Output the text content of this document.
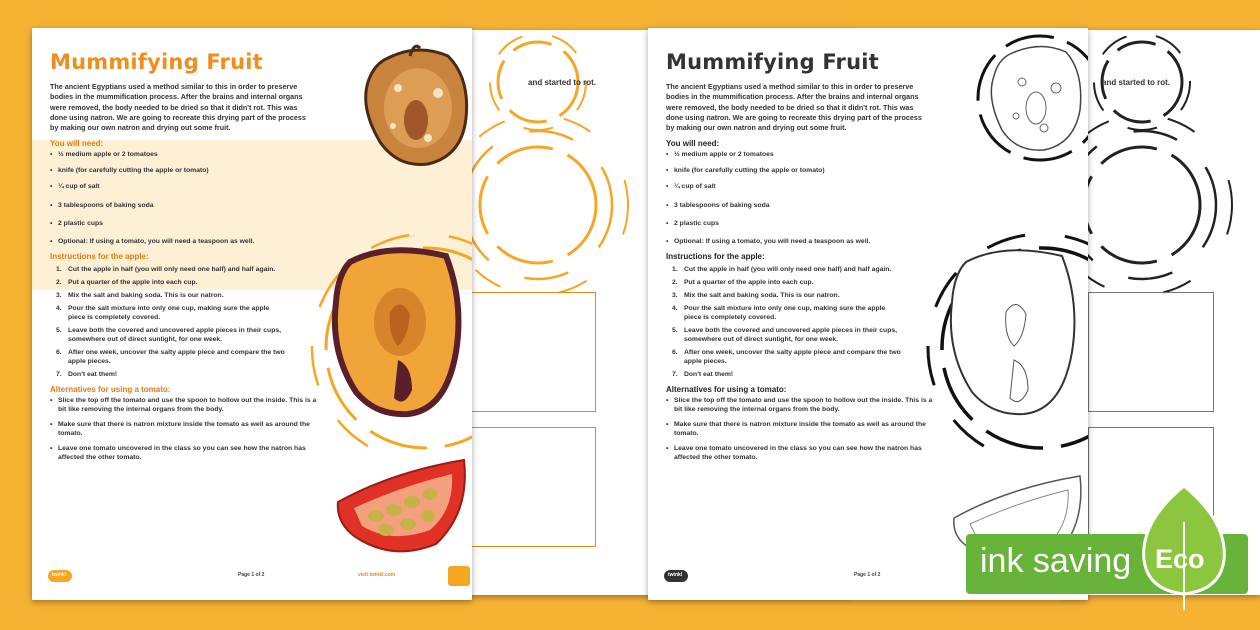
and started to rot.
Mummifying Fruit
The ancient Egyptians used a method similar to this in order to preserve
bodies in the mummification process. After the brains and internal organs
were removed, the body needed to be dried so that it didn't rot. This was
done using natron. We are going to recreate this drying part of the process
by making our own natron and drying out some fruit.
You will need:
• ½ medium apple or 2 tomatoes
• knife (for carefully cutting the apple or tomato)
• ¼ cup of salt
• 3 tablespoons of baking soda
• 2 plastic cups
• Optional: If using a tomato, you will need a teaspoon as well.
Instructions for the apple:
1. Cut the apple in half (you will only need one half) and half again.
2. Put a quarter of the apple into each cup.
3. Mix the salt and baking soda. This is our natron.
4. Pour the salt mixture into only one cup, making sure the apple piece is completely covered.
5. Leave both the covered and uncovered apple pieces in their cups, somewhere out of direct sunlight, for one week.
6. After one week, uncover the salty apple piece and compare the two apple pieces.
7. Don't eat them!
Alternatives for using a tomato:
• Slice the top off the tomato and use the spoon to hollow out the inside. This is a bit like removing the internal organs from the body.
• Make sure that there is natron mixture inside the tomato as well as around the tomato.
• Leave one tomato uncovered in the class so you can see how the natron has affected the other tomato.
twinkl	Page 1 of 2	visit twinkl.com
and started to rot.
Mummifying Fruit
The ancient Egyptians used a method similar to this in order to preserve
bodies in the mummification process. After the brains and internal organs
were removed, the body needed to be dried so that it didn't rot. This was
done using natron. We are going to recreate this drying part of the process
by making our own natron and drying out some fruit.
You will need:
• ½ medium apple or 2 tomatoes
• knife (for carefully cutting the apple or tomato)
• ¼ cup of salt
• 3 tablespoons of baking soda
• 2 plastic cups
• Optional: If using a tomato, you will need a teaspoon as well.
Instructions for the apple:
1. Cut the apple in half (you will only need one half) and half again.
2. Put a quarter of the apple into each cup.
3. Mix the salt and baking soda. This is our natron.
4. Pour the salt mixture into only one cup, making sure the apple piece is completely covered.
5. Leave both the covered and uncovered apple pieces in their cups, somewhere out of direct sunlight, for one week.
6. After one week, uncover the salty apple piece and compare the two apple pieces.
7. Don't eat them!
Alternatives for using a tomato:
• Slice the top off the tomato and use the spoon to hollow out the inside. This is a bit like removing the internal organs from the body.
• Make sure that there is natron mixture inside the tomato as well as around the tomato.
• Leave one tomato uncovered in the class so you can see how the natron has affected the other tomato.
twinkl	Page 1 of 2	ink saving Eco
